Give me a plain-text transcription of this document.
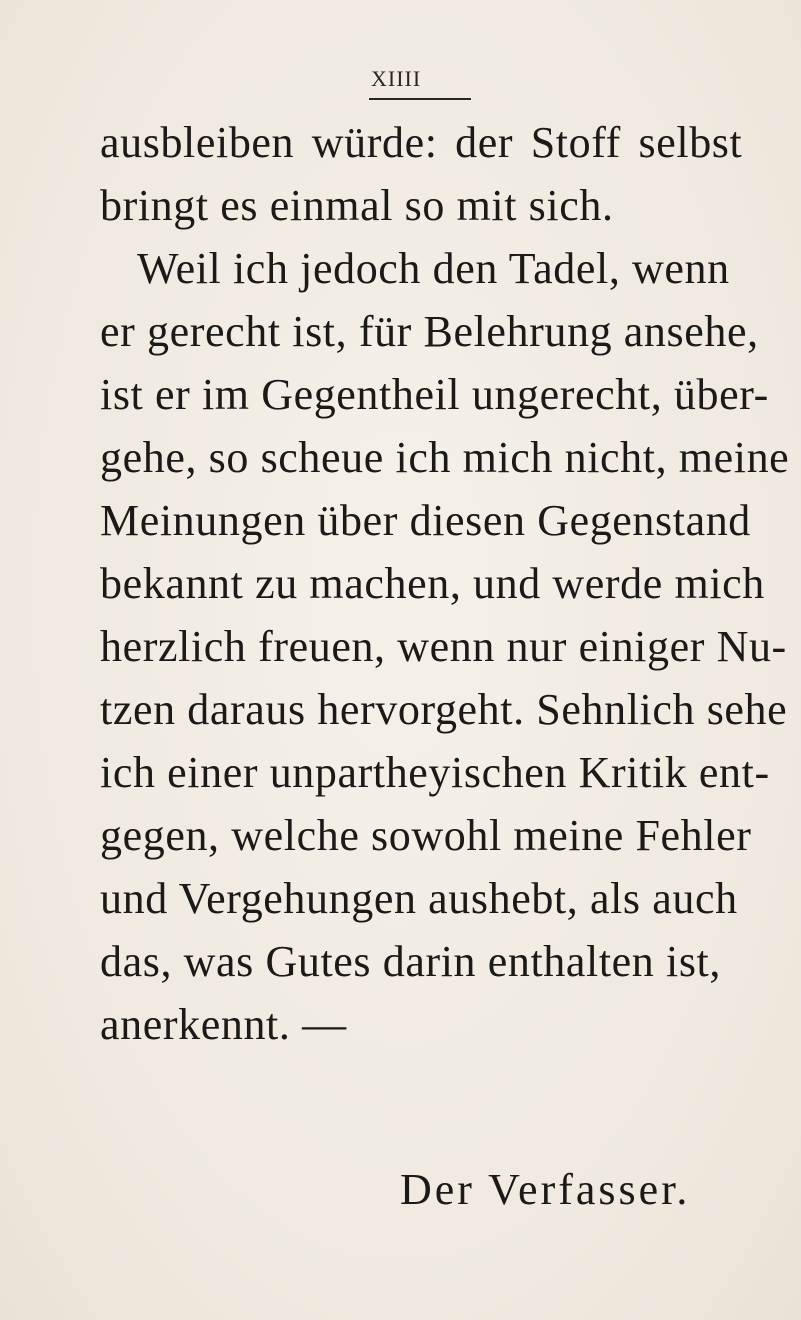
XIIII
ausbleiben würde: der Stoff selbst
bringt es einmal so mit sich.
Weil ich jedoch den Tadel, wenn
er gerecht ist, für Belehrung ansehe,
ist er im Gegentheil ungerecht, über-
gehe, so scheue ich mich nicht, meine
Meinungen über diesen Gegenstand
bekannt zu machen, und werde mich
herzlich freuen, wenn nur einiger Nu-
tzen daraus hervorgeht. Sehnlich sehe
ich einer unpartheyischen Kritik ent-
gegen, welche sowohl meine Fehler
und Vergehungen aushebt, als auch
das, was Gutes darin enthalten ist,
anerkennt. —
Der Verfasser.
